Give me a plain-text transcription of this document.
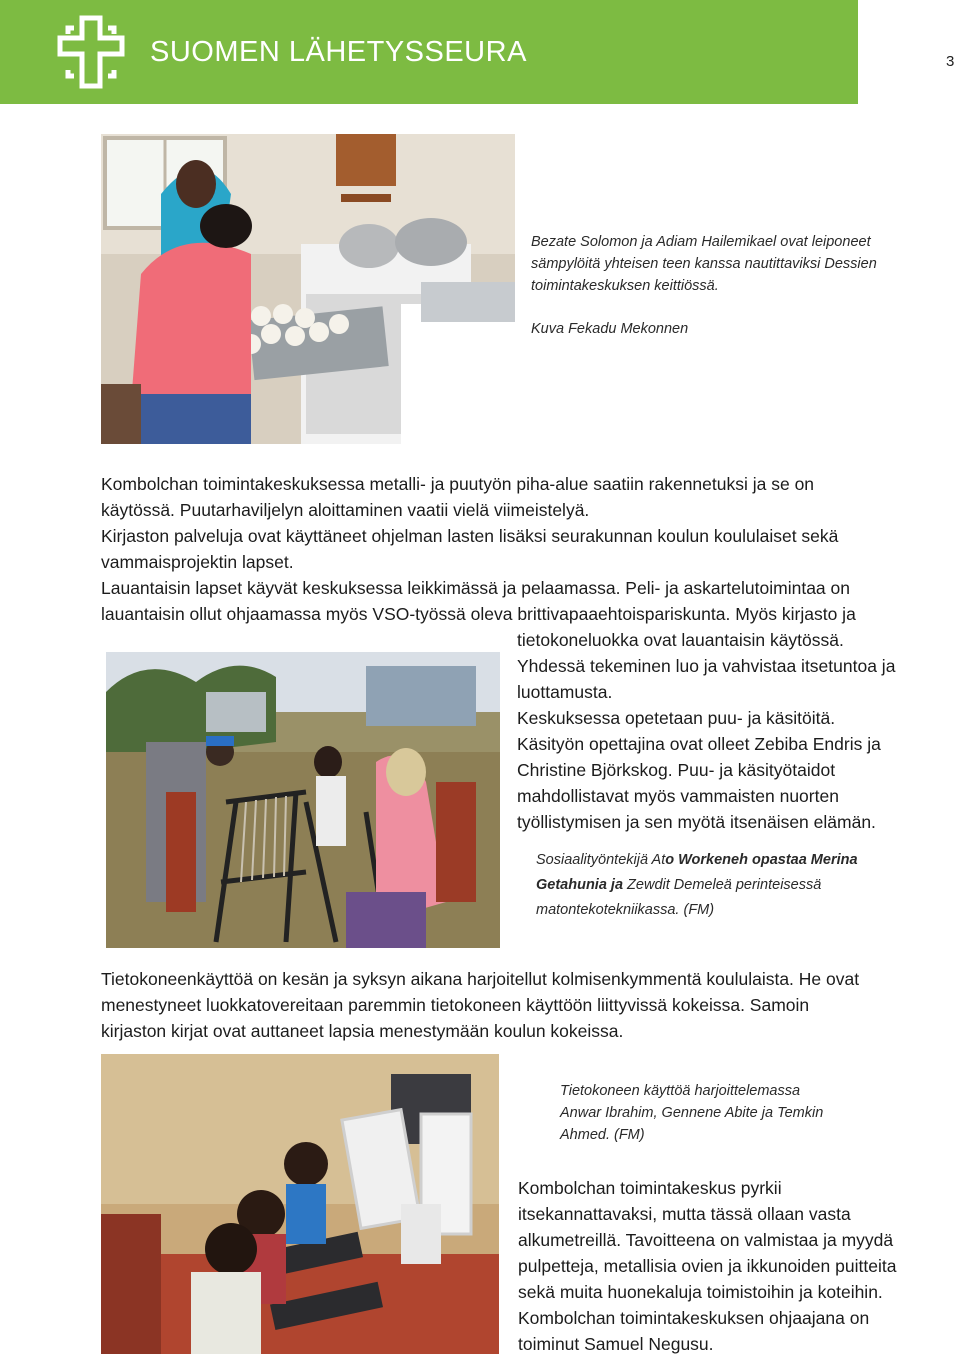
SUOMEN LÄHETYSSEURA	3
Bezate Solomon ja Adiam Hailemikael ovat leiponeet sämpylöitä yhteisen teen kanssa nautittaviksi Dessien toimintakeskuksen keittiössä.
Kuva Fekadu Mekonnen

Kombolchan toimintakeskuksessa metalli- ja puutyön piha-alue saatiin rakennetuksi ja se on

käytössä. Puutarhaviljelyn aloittaminen vaatii vielä viimeistelyä.

Kirjaston palveluja ovat käyttäneet ohjelman lasten lisäksi seurakunnan koulun koululaiset sekä

vammaisprojektin lapset.

Lauantaisin lapset käyvät keskuksessa leikkimässä ja pelaamassa. Peli- ja askartelutoimintaa on

lauantaisin ollut ohjaamassa myös VSO-työssä oleva brittivapaaehtoispariskunta. Myös kirjasto ja

tietokoneluokka ovat lauantaisin käytössä.

Yhdessä tekeminen luo ja vahvistaa itsetuntoa ja

luottamusta.

Keskuksessa opetetaan puu- ja käsitöitä.

Käsityön opettajina ovat olleet Zebiba Endris ja

Christine Björkskog. Puu- ja käsityötaidot

mahdollistavat myös vammaisten nuorten

työllistymisen ja sen myötä itsenäisen elämän.

Sosiaalityöntekijä Ato Workeneh opastaa Merina
Getahunia ja Zewdit Demeleä perinteisessä
matontekotekniikassa. (FM)

Tietokoneenkäyttöä on kesän ja syksyn aikana harjoitellut kolmisenkymmentä koululaista. He ovat

menestyneet luokkatovereitaan paremmin tietokoneen käyttöön liittyvissä kokeissa. Samoin

kirjaston kirjat ovat auttaneet lapsia menestymään koulun kokeissa.

Tietokoneen käyttöä harjoittelemassa
Anwar Ibrahim, Gennene Abite ja Temkin
Ahmed. (FM)

Kombolchan toimintakeskus pyrkii

itsekannattavaksi, mutta tässä ollaan vasta

alkumetreillä. Tavoitteena on valmistaa ja myydä

pulpetteja, metallisia ovien ja ikkunoiden puitteita

sekä muita huonekaluja toimistoihin ja koteihin.

Kombolchan toimintakeskuksen ohjaajana on

toiminut Samuel Negusu.
